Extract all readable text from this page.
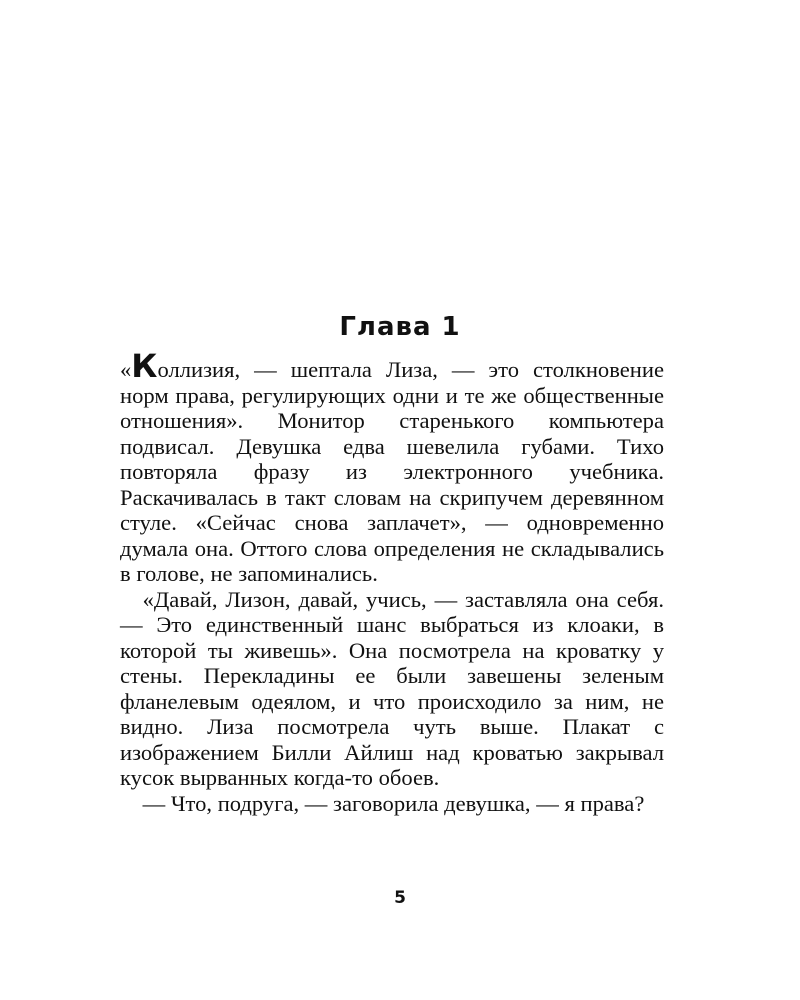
Глава 1

«Коллизия, — шептала Лиза, — это столкновение норм права, регулирующих одни и те же общественные отношения». Монитор старенького компьютера подвисал. Девушка едва шевелила губами. Тихо повторяла фразу из электронного учебника. Раскачивалась в такт словам на скрипучем деревянном стуле. «Сейчас снова заплачет», — одновременно думала она. Оттого слова определения не складывались в голове, не запоминались.

«Давай, Лизон, давай, учись, — заставляла она себя. — Это единственный шанс выбраться из клоаки, в которой ты живешь». Она посмотрела на кроватку у стены. Перекладины ее были завешены зеленым фланелевым одеялом, и что происходило за ним, не видно. Лиза посмотрела чуть выше. Плакат с изображением Билли Айлиш над кроватью закрывал кусок вырванных когда-то обоев.

— Что, подруга, — заговорила девушка, — я права?

5
